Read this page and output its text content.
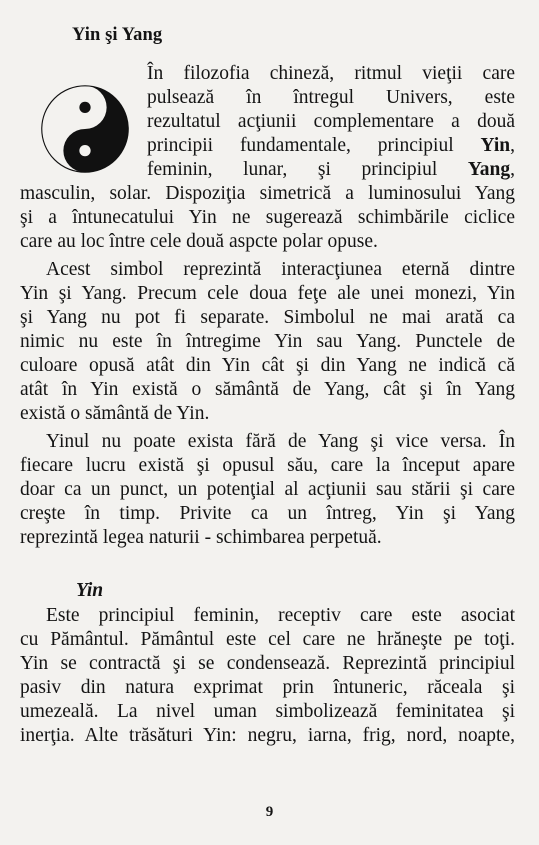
Yin şi Yang

În filozofia chineză, ritmul vieţii care

pulsează în întregul Univers, este

rezultatul acţiunii complementare a două

principii fundamentale, principiul Yin,

feminin, lunar, şi principiul Yang,

masculin, solar. Dispoziţia simetrică a luminosului Yang

şi a întunecatului Yin ne sugerează schimbările ciclice

care au loc între cele două aspcte polar opuse.

Acest simbol reprezintă interacţiunea eternă dintre

Yin şi Yang. Precum cele doua feţe ale unei monezi, Yin

şi Yang nu pot fi separate. Simbolul ne mai arată ca

nimic nu este în întregime Yin sau Yang. Punctele de

culoare opusă atât din Yin cât şi din Yang ne indică că

atât în Yin există o sământă de Yang, cât şi în Yang

există o sământă de Yin.

Yinul nu poate exista fără de Yang şi vice versa. În

fiecare lucru există şi opusul său, care la început apare

doar ca un punct, un potenţial al acţiunii sau stării şi care

creşte în timp. Privite ca un întreg, Yin şi Yang

reprezintă legea naturii - schimbarea perpetuă.

Este principiul feminin, receptiv care este asociat

cu Pământul. Pământul este cel care ne hrăneşte pe toţi.

Yin se contractă şi se condensează. Reprezintă principiul

pasiv din natura exprimat prin întuneric, răceala şi

umezeală. La nivel uman simbolizează feminitatea şi

inerţia. Alte trăsături Yin: negru, iarna, frig, nord, noapte,

Yin
9
